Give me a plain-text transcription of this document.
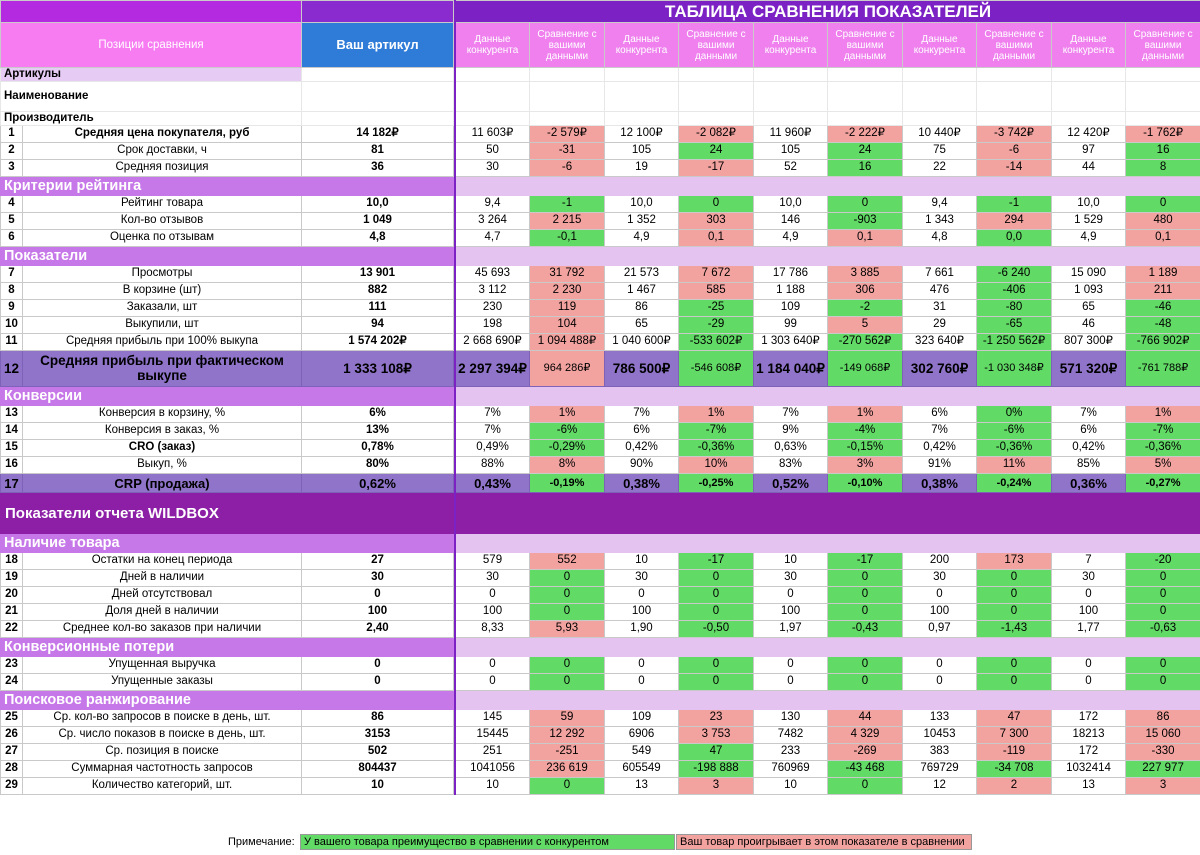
				ТАБЛИЦА СРАВНЕНИЯ ПОКАЗАТЕЛЕЙ									
Позиции сравнения		Ваш артикул		Данные конкурента	Сравнение с вашими данными	Данные конкурента	Сравнение с вашими данными	Данные конкурента	Сравнение с вашими данными	Данные конкурента	Сравнение с вашими данными	Данные конкурента	Сравнение с вашими данными
Артикулы													
Наименование													
Производитель													
1	Средняя цена покупателя, руб	14 182₽		11 603₽	-2 579₽	12 100₽	-2 082₽	11 960₽	-2 222₽	10 440₽	-3 742₽	12 420₽	-1 762₽
2	Срок доставки, ч	81		50	-31	105	24	105	24	75	-6	97	16
3	Средняя позиция	36		30	-6	19	-17	52	16	22	-14	44	8
Критерии рейтинга													
4	Рейтинг товара	10,0		9,4	-1	10,0	0	10,0	0	9,4	-1	10,0	0
5	Кол-во отзывов	1 049		3 264	2 215	1 352	303	146	-903	1 343	294	1 529	480
6	Оценка по отзывам	4,8		4,7	-0,1	4,9	0,1	4,9	0,1	4,8	0,0	4,9	0,1
Показатели													
7	Просмотры	13 901		45 693	31 792	21 573	7 672	17 786	3 885	7 661	-6 240	15 090	1 189
8	В корзине (шт)	882		3 112	2 230	1 467	585	1 188	306	476	-406	1 093	211
9	Заказали, шт	111		230	119	86	-25	109	-2	31	-80	65	-46
10	Выкупили, шт	94		198	104	65	-29	99	5	29	-65	46	-48
11	Средняя прибыль при 100% выкупа	1 574 202₽		2 668 690₽	1 094 488₽	1 040 600₽	-533 602₽	1 303 640₽	-270 562₽	323 640₽	-1 250 562₽	807 300₽	-766 902₽
12	Средняя прибыль при фактическом выкупе	1 333 108₽		2 297 394₽	964 286₽	786 500₽	-546 608₽	1 184 040₽	-149 068₽	302 760₽	-1 030 348₽	571 320₽	-761 788₽
Конверсии													
13	Конверсия в корзину, %	6%		7%	1%	7%	1%	7%	1%	6%	0%	7%	1%
14	Конверсия в заказ, %	13%		7%	-6%	6%	-7%	9%	-4%	7%	-6%	6%	-7%
15	CRO (заказ)	0,78%		0,49%	-0,29%	0,42%	-0,36%	0,63%	-0,15%	0,42%	-0,36%	0,42%	-0,36%
16	Выкуп, %	80%		88%	8%	90%	10%	83%	3%	91%	11%	85%	5%
17	CRP (продажа)	0,62%		0,43%	-0,19%	0,38%	-0,25%	0,52%	-0,10%	0,38%	-0,24%	0,36%	-0,27%
Показатели отчета WILDBOX													
Наличие товара													
18	Остатки на конец периода	27		579	552	10	-17	10	-17	200	173	7	-20
19	Дней в наличии	30		30	0	30	0	30	0	30	0	30	0
20	Дней отсутствовал	0		0	0	0	0	0	0	0	0	0	0
21	Доля дней в наличии	100		100	0	100	0	100	0	100	0	100	0
22	Среднее кол-во заказов при наличии	2,40		8,33	5,93	1,90	-0,50	1,97	-0,43	0,97	-1,43	1,77	-0,63
Конверсионные потери													
23	Упущенная выручка	0		0	0	0	0	0	0	0	0	0	0
24	Упущенные заказы	0		0	0	0	0	0	0	0	0	0	0
Поисковое ранжирование													
25	Ср. кол-во запросов в поиске в день, шт.	86		145	59	109	23	130	44	133	47	172	86
26	Ср. число показов в поиске в день, шт.	3153		15445	12 292	6906	3 753	7482	4 329	10453	7 300	18213	15 060
27	Ср. позиция в поиске	502		251	-251	549	47	233	-269	383	-119	172	-330
28	Суммарная частотность запросов	804437		1041056	236 619	605549	-198 888	760969	-43 468	769729	-34 708	1032414	227 977
29	Количество категорий, шт.	10		10	0	13	3	10	0	12	2	13	3
Примечание: У вашего товара преимущество в сравнении с конкурентом	Ваш товар проигрывает в этом показателе в сравнении
